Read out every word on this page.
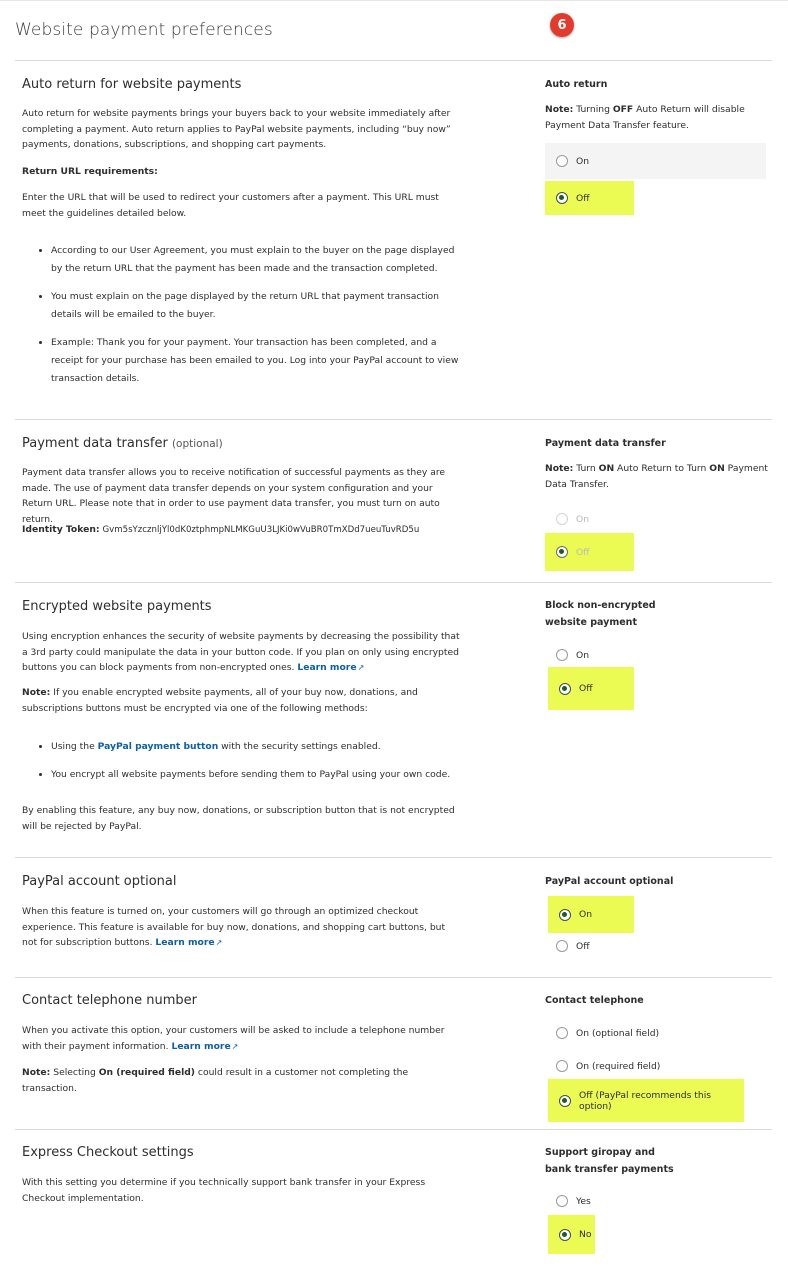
Website payment preferences	6
Auto return for website payments

Auto return for website payments brings your buyers back to your website immediately after completing a payment. Auto return applies to PayPal website payments, including “buy now” payments, donations, subscriptions, and shopping cart payments.

Return URL requirements:
Enter the URL that will be used to redirect your customers after a payment. This URL must meet the guidelines detailed below.
• According to our User Agreement, you must explain to the buyer on the page displayed by the return URL that the payment has been made and the transaction completed.
• You must explain on the page displayed by the return URL that payment transaction details will be emailed to the buyer.
• Example: Thank you for your payment. Your transaction has been completed, and a receipt for your purchase has been emailed to you. Log into your PayPal account to view transaction details.
Auto return
Note: Turning OFF Auto Return will disable Payment Data Transfer feature.
On
Off
Payment data transfer (optional)
Payment data transfer allows you to receive notification of successful payments as they are made. The use of payment data transfer depends on your system configuration and your Return URL. Please note that in order to use payment data transfer, you must turn on auto return.
Identity Token: Gvm5sYzcznljYl0dK0ztphmpNLMKGuU3LJKi0wVuBR0TmXDd7ueuTuvRD5u
Payment data transfer
Note: Turn ON Auto Return to Turn ON Payment Data Transfer.
On
Off
Encrypted website payments
Using encryption enhances the security of website payments by decreasing the possibility that a 3rd party could manipulate the data in your button code. If you plan on only using encrypted buttons you can block payments from non-encrypted ones. Learn more↗
Note: If you enable encrypted website payments, all of your buy now, donations, and subscriptions buttons must be encrypted via one of the following methods:
• Using the PayPal payment button with the security settings enabled.
• You encrypt all website payments before sending them to PayPal using your own code.
By enabling this feature, any buy now, donations, or subscription button that is not encrypted will be rejected by PayPal.
Block non-encrypted
website payment
On
Off
PayPal account optional
When this feature is turned on, your customers will go through an optimized checkout experience. This feature is available for buy now, donations, and shopping cart buttons, but not for subscription buttons. Learn more↗
PayPal account optional
On
Off
Contact telephone number
When you activate this option, your customers will be asked to include a telephone number with their payment information. Learn more↗
Note: Selecting On (required field) could result in a customer not completing the transaction.
Contact telephone
On (optional field)
On (required field)
Off (PayPal recommends this option)
Express Checkout settings
With this setting you determine if you technically support bank transfer in your Express Checkout implementation.
Support giropay and
bank transfer payments
Yes
No
